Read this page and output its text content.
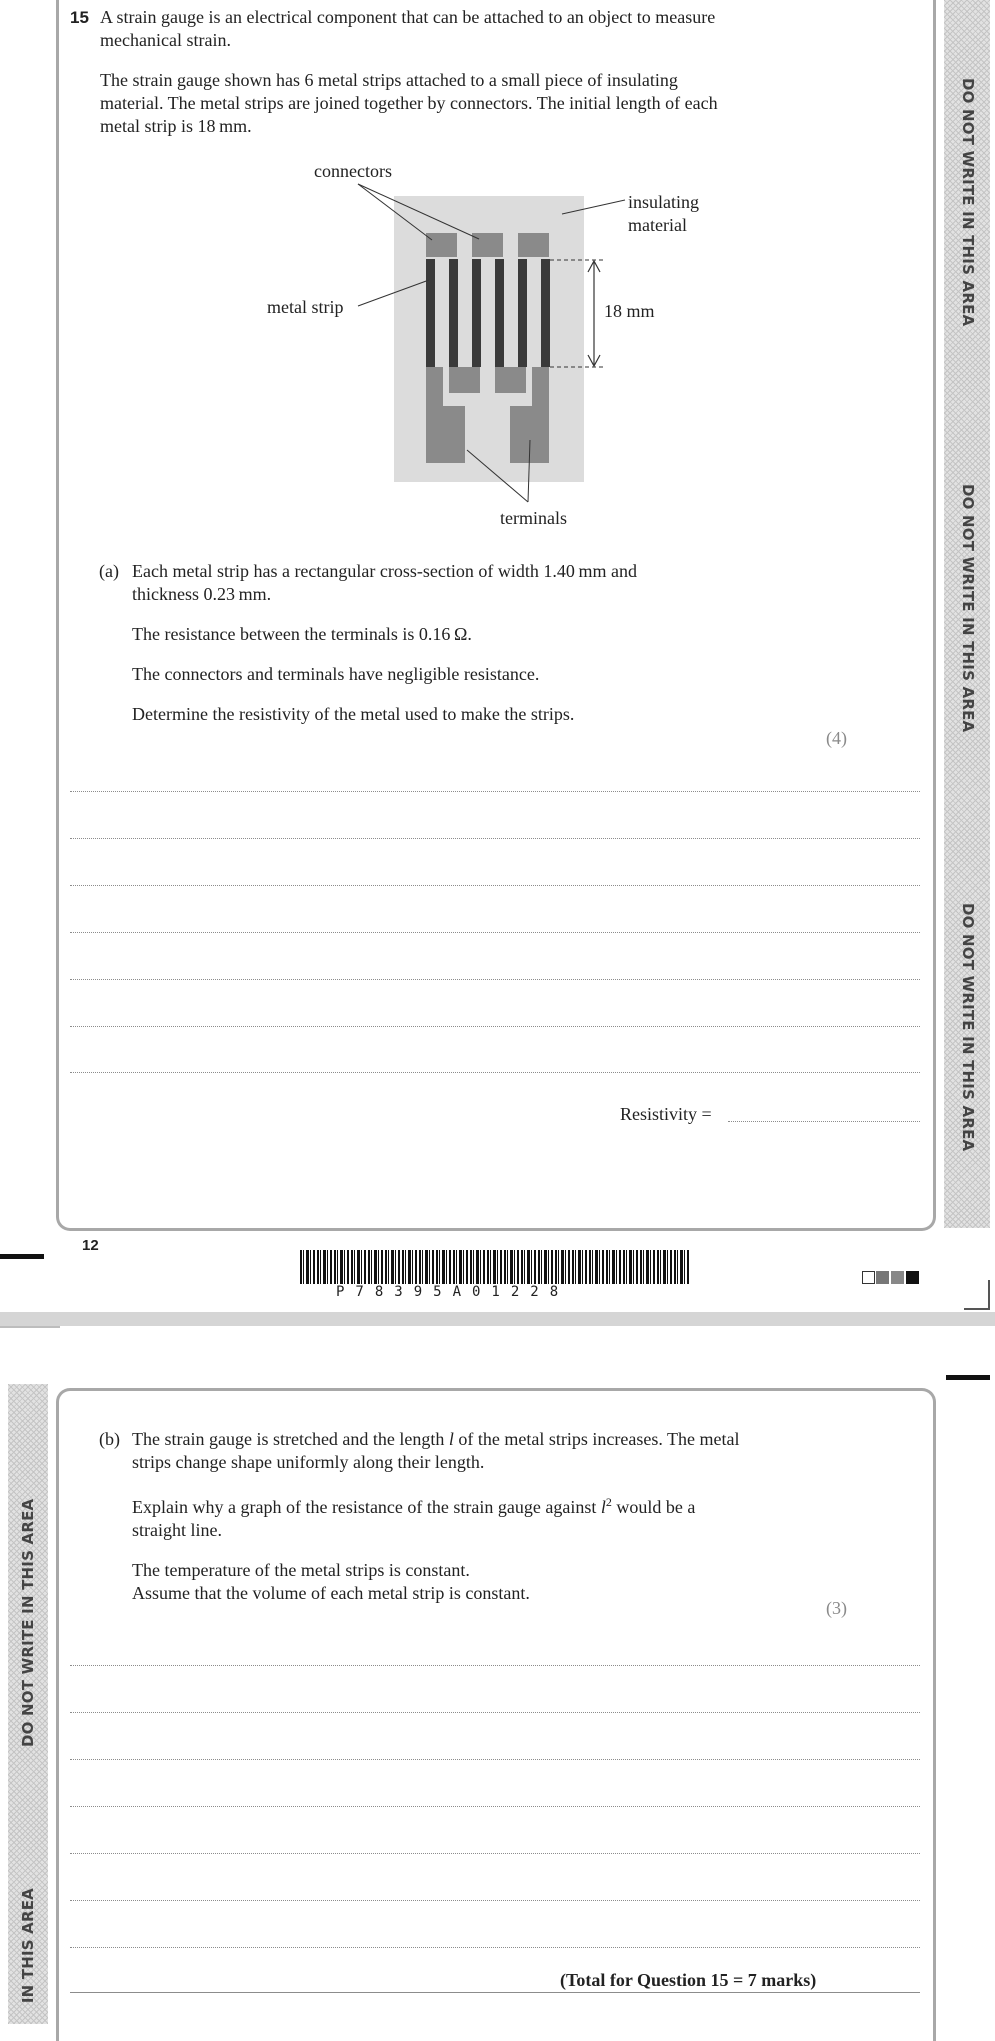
DO NOT WRITE IN THIS AREA
DO NOT WRITE IN THIS AREA
DO NOT WRITE IN THIS AREA
15 A strain gauge is an electrical component that can be attached to an object to measure
mechanical strain.
The strain gauge shown has 6 metal strips attached to a small piece of insulating
material. The metal strips are joined together by connectors. The initial length of each
metal strip is 18 mm.
connectors
insulating
material
metal strip	18 mm
terminals
(a) Each metal strip has a rectangular cross-section of width 1.40 mm and
thickness 0.23 mm.
The resistance between the terminals is 0.16 Ω.
The connectors and terminals have negligible resistance.
Determine the resistivity of the metal used to make the strips.
(4)
Resistivity =
12
P78395A01228
DO NOT WRITE IN THIS AREA
IN THIS AREA
(b) The strain gauge is stretched and the length l of the metal strips increases. The metal
strips change shape uniformly along their length.
Explain why a graph of the resistance of the strain gauge against $l^2$ would be a
straight line.
The temperature of the metal strips is constant.
Assume that the volume of each metal strip is constant.
(3)
(Total for Question 15 = 7 marks)
